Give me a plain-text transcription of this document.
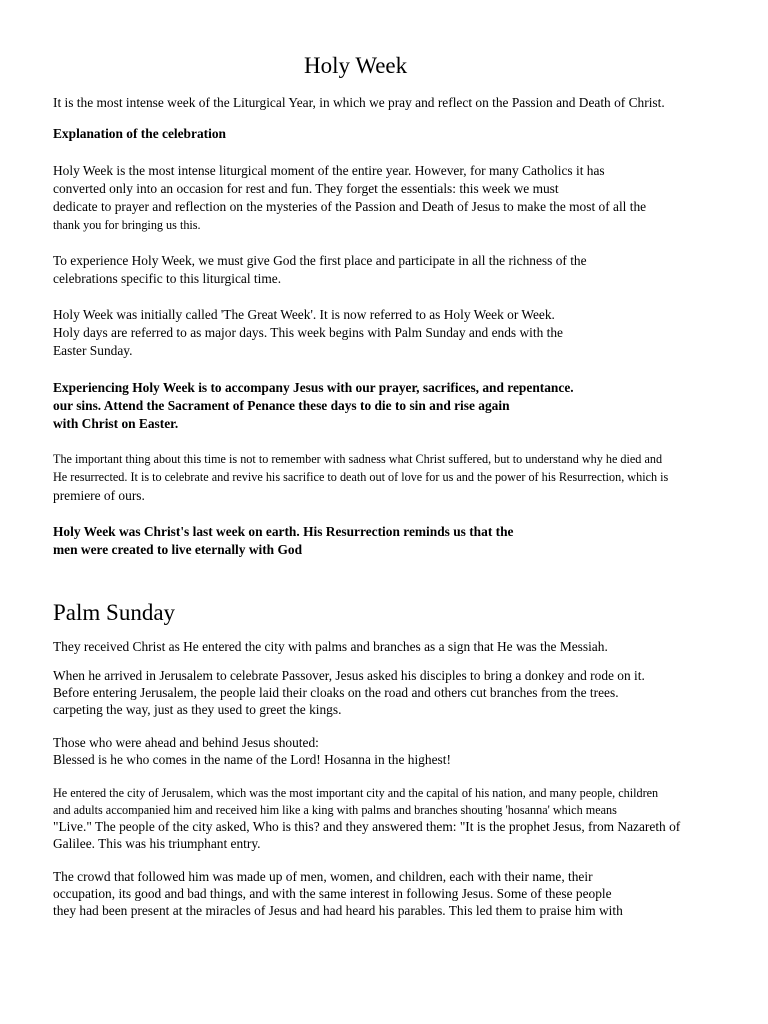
Holy Week

It is the most intense week of the Liturgical Year, in which we pray and reflect on the Passion and Death of Christ.

Explanation of the celebration

Holy Week is the most intense liturgical moment of the entire year. However, for many Catholics it has

converted only into an occasion for rest and fun. They forget the essentials: this week we must

dedicate to prayer and reflection on the mysteries of the Passion and Death of Jesus to make the most of all the

thank you for bringing us this.

To experience Holy Week, we must give God the first place and participate in all the richness of the

celebrations specific to this liturgical time.

Holy Week was initially called 'The Great Week'. It is now referred to as Holy Week or Week.

Holy days are referred to as major days. This week begins with Palm Sunday and ends with the

Easter Sunday.

Experiencing Holy Week is to accompany Jesus with our prayer, sacrifices, and repentance.

our sins. Attend the Sacrament of Penance these days to die to sin and rise again

with Christ on Easter.

The important thing about this time is not to remember with sadness what Christ suffered, but to understand why he died and

He resurrected. It is to celebrate and revive his sacrifice to death out of love for us and the power of his Resurrection, which is

premiere of ours.

Holy Week was Christ's last week on earth. His Resurrection reminds us that the

men were created to live eternally with God

Palm Sunday

They received Christ as He entered the city with palms and branches as a sign that He was the Messiah.

When he arrived in Jerusalem to celebrate Passover, Jesus asked his disciples to bring a donkey and rode on it.

Before entering Jerusalem, the people laid their cloaks on the road and others cut branches from the trees.

carpeting the way, just as they used to greet the kings.

Those who were ahead and behind Jesus shouted:

Blessed is he who comes in the name of the Lord! Hosanna in the highest!

He entered the city of Jerusalem, which was the most important city and the capital of his nation, and many people, children

and adults accompanied him and received him like a king with palms and branches shouting 'hosanna' which means

"Live." The people of the city asked, Who is this? and they answered them: "It is the prophet Jesus, from Nazareth of

Galilee. This was his triumphant entry.

The crowd that followed him was made up of men, women, and children, each with their name, their

occupation, its good and bad things, and with the same interest in following Jesus. Some of these people

they had been present at the miracles of Jesus and had heard his parables. This led them to praise him with
